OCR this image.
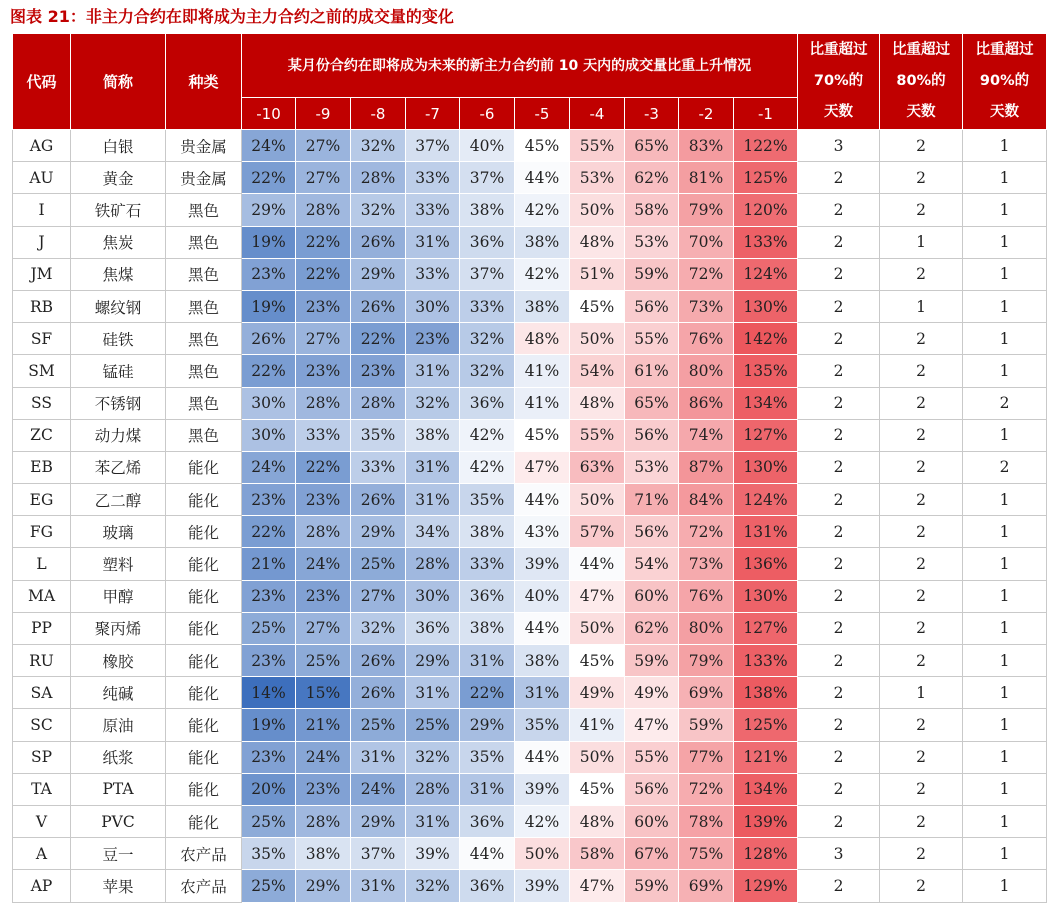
图表 21：非主力合约在即将成为主力合约之前的成交量的变化
代码	简称	种类	某月份合约在即将成为未来的新主力合约前 10 天内的成交量比重上升情况										比重超过 70%的天数	比重超过 80%的天数	比重超过 90%的天数
			-10	-9	-8	-7	-6	-5	-4	-3	-2	-1			
AG	白银	贵金属	24%	27%	32%	37%	40%	45%	55%	65%	83%	122%	3	2	1
AU	黄金	贵金属	22%	27%	28%	33%	37%	44%	53%	62%	81%	125%	2	2	1
I	铁矿石	黑色	29%	28%	32%	33%	38%	42%	50%	58%	79%	120%	2	2	1
J	焦炭	黑色	19%	22%	26%	31%	36%	38%	48%	53%	70%	133%	2	1	1
JM	焦煤	黑色	23%	22%	29%	33%	37%	42%	51%	59%	72%	124%	2	2	1
RB	螺纹钢	黑色	19%	23%	26%	30%	33%	38%	45%	56%	73%	130%	2	1	1
SF	硅铁	黑色	26%	27%	22%	23%	32%	48%	50%	55%	76%	142%	2	2	1
SM	锰硅	黑色	22%	23%	23%	31%	32%	41%	54%	61%	80%	135%	2	2	1
SS	不锈钢	黑色	30%	28%	28%	32%	36%	41%	48%	65%	86%	134%	2	2	2
ZC	动力煤	黑色	30%	33%	35%	38%	42%	45%	55%	56%	74%	127%	2	2	1
EB	苯乙烯	能化	24%	22%	33%	31%	42%	47%	63%	53%	87%	130%	2	2	2
EG	乙二醇	能化	23%	23%	26%	31%	35%	44%	50%	71%	84%	124%	2	2	1
FG	玻璃	能化	22%	28%	29%	34%	38%	43%	57%	56%	72%	131%	2	2	1
L	塑料	能化	21%	24%	25%	28%	33%	39%	44%	54%	73%	136%	2	2	1
MA	甲醇	能化	23%	23%	27%	30%	36%	40%	47%	60%	76%	130%	2	2	1
PP	聚丙烯	能化	25%	27%	32%	36%	38%	44%	50%	62%	80%	127%	2	2	1
RU	橡胶	能化	23%	25%	26%	29%	31%	38%	45%	59%	79%	133%	2	2	1
SA	纯碱	能化	14%	15%	26%	31%	22%	31%	49%	49%	69%	138%	2	1	1
SC	原油	能化	19%	21%	25%	25%	29%	35%	41%	47%	59%	125%	2	2	1
SP	纸浆	能化	23%	24%	31%	32%	35%	44%	50%	55%	77%	121%	2	2	1
TA	PTA	能化	20%	23%	24%	28%	31%	39%	45%	56%	72%	134%	2	2	1
V	PVC	能化	25%	28%	29%	31%	36%	42%	48%	60%	78%	139%	2	2	1
A	豆一	农产品	35%	38%	37%	39%	44%	50%	58%	67%	75%	128%	3	2	1
AP	苹果	农产品	25%	29%	31%	32%	36%	39%	47%	59%	69%	129%	2	2	1
